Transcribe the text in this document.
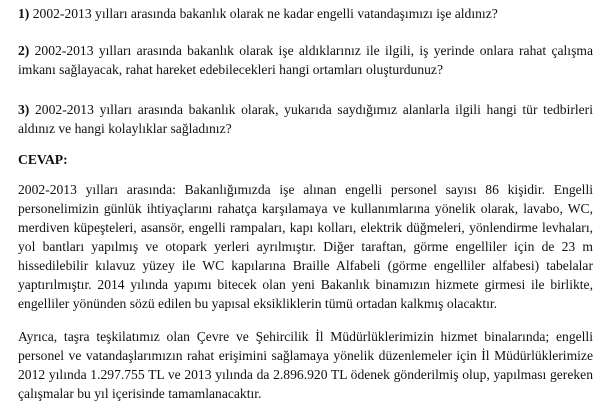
1) 2002-2013 yılları arasında bakanlık olarak ne kadar engelli vatandaşımızı işe aldınız?

2) 2002-2013 yılları arasında bakanlık olarak işe aldıklarınız ile ilgili, iş yerinde onlara rahat çalışma imkanı sağlayacak, rahat hareket edebilecekleri hangi ortamları oluşturdunuz?

3) 2002-2013 yılları arasında bakanlık olarak, yukarıda saydığımız alanlarla ilgili hangi tür tedbirleri aldınız ve hangi kolaylıklar sağladınız?

CEVAP:

2002-2013 yılları arasında: Bakanlığımızda işe alınan engelli personel sayısı 86 kişidir. Engelli personelimizin günlük ihtiyaçlarını rahatça karşılamaya ve kullanımlarına yönelik olarak, lavabo, WC, merdiven küpeşteleri, asansör, engelli rampaları, kapı kolları, elektrik düğmeleri, yönlendirme levhaları, yol bantları yapılmış ve otopark yerleri ayrılmıştır. Diğer taraftan, görme engelliler için de 23 m hissedilebilir kılavuz yüzey ile WC kapılarına Braille Alfabeli (görme engelliler alfabesi) tabelalar yaptırılmıştır. 2014 yılında yapımı bitecek olan yeni Bakanlık binamızın hizmete girmesi ile birlikte, engelliler yönünden sözü edilen bu yapısal eksikliklerin tümü ortadan kalkmış olacaktır.

Ayrıca, taşra teşkilatımız olan Çevre ve Şehircilik İl Müdürlüklerimizin hizmet binalarında; engelli personel ve vatandaşlarımızın rahat erişimini sağlamaya yönelik düzenlemeler için İl Müdürlüklerimize 2012 yılında 1.297.755 TL ve 2013 yılında da 2.896.920 TL ödenek gönderilmiş olup, yapılması gereken çalışmalar bu yıl içerisinde tamamlanacaktır.
